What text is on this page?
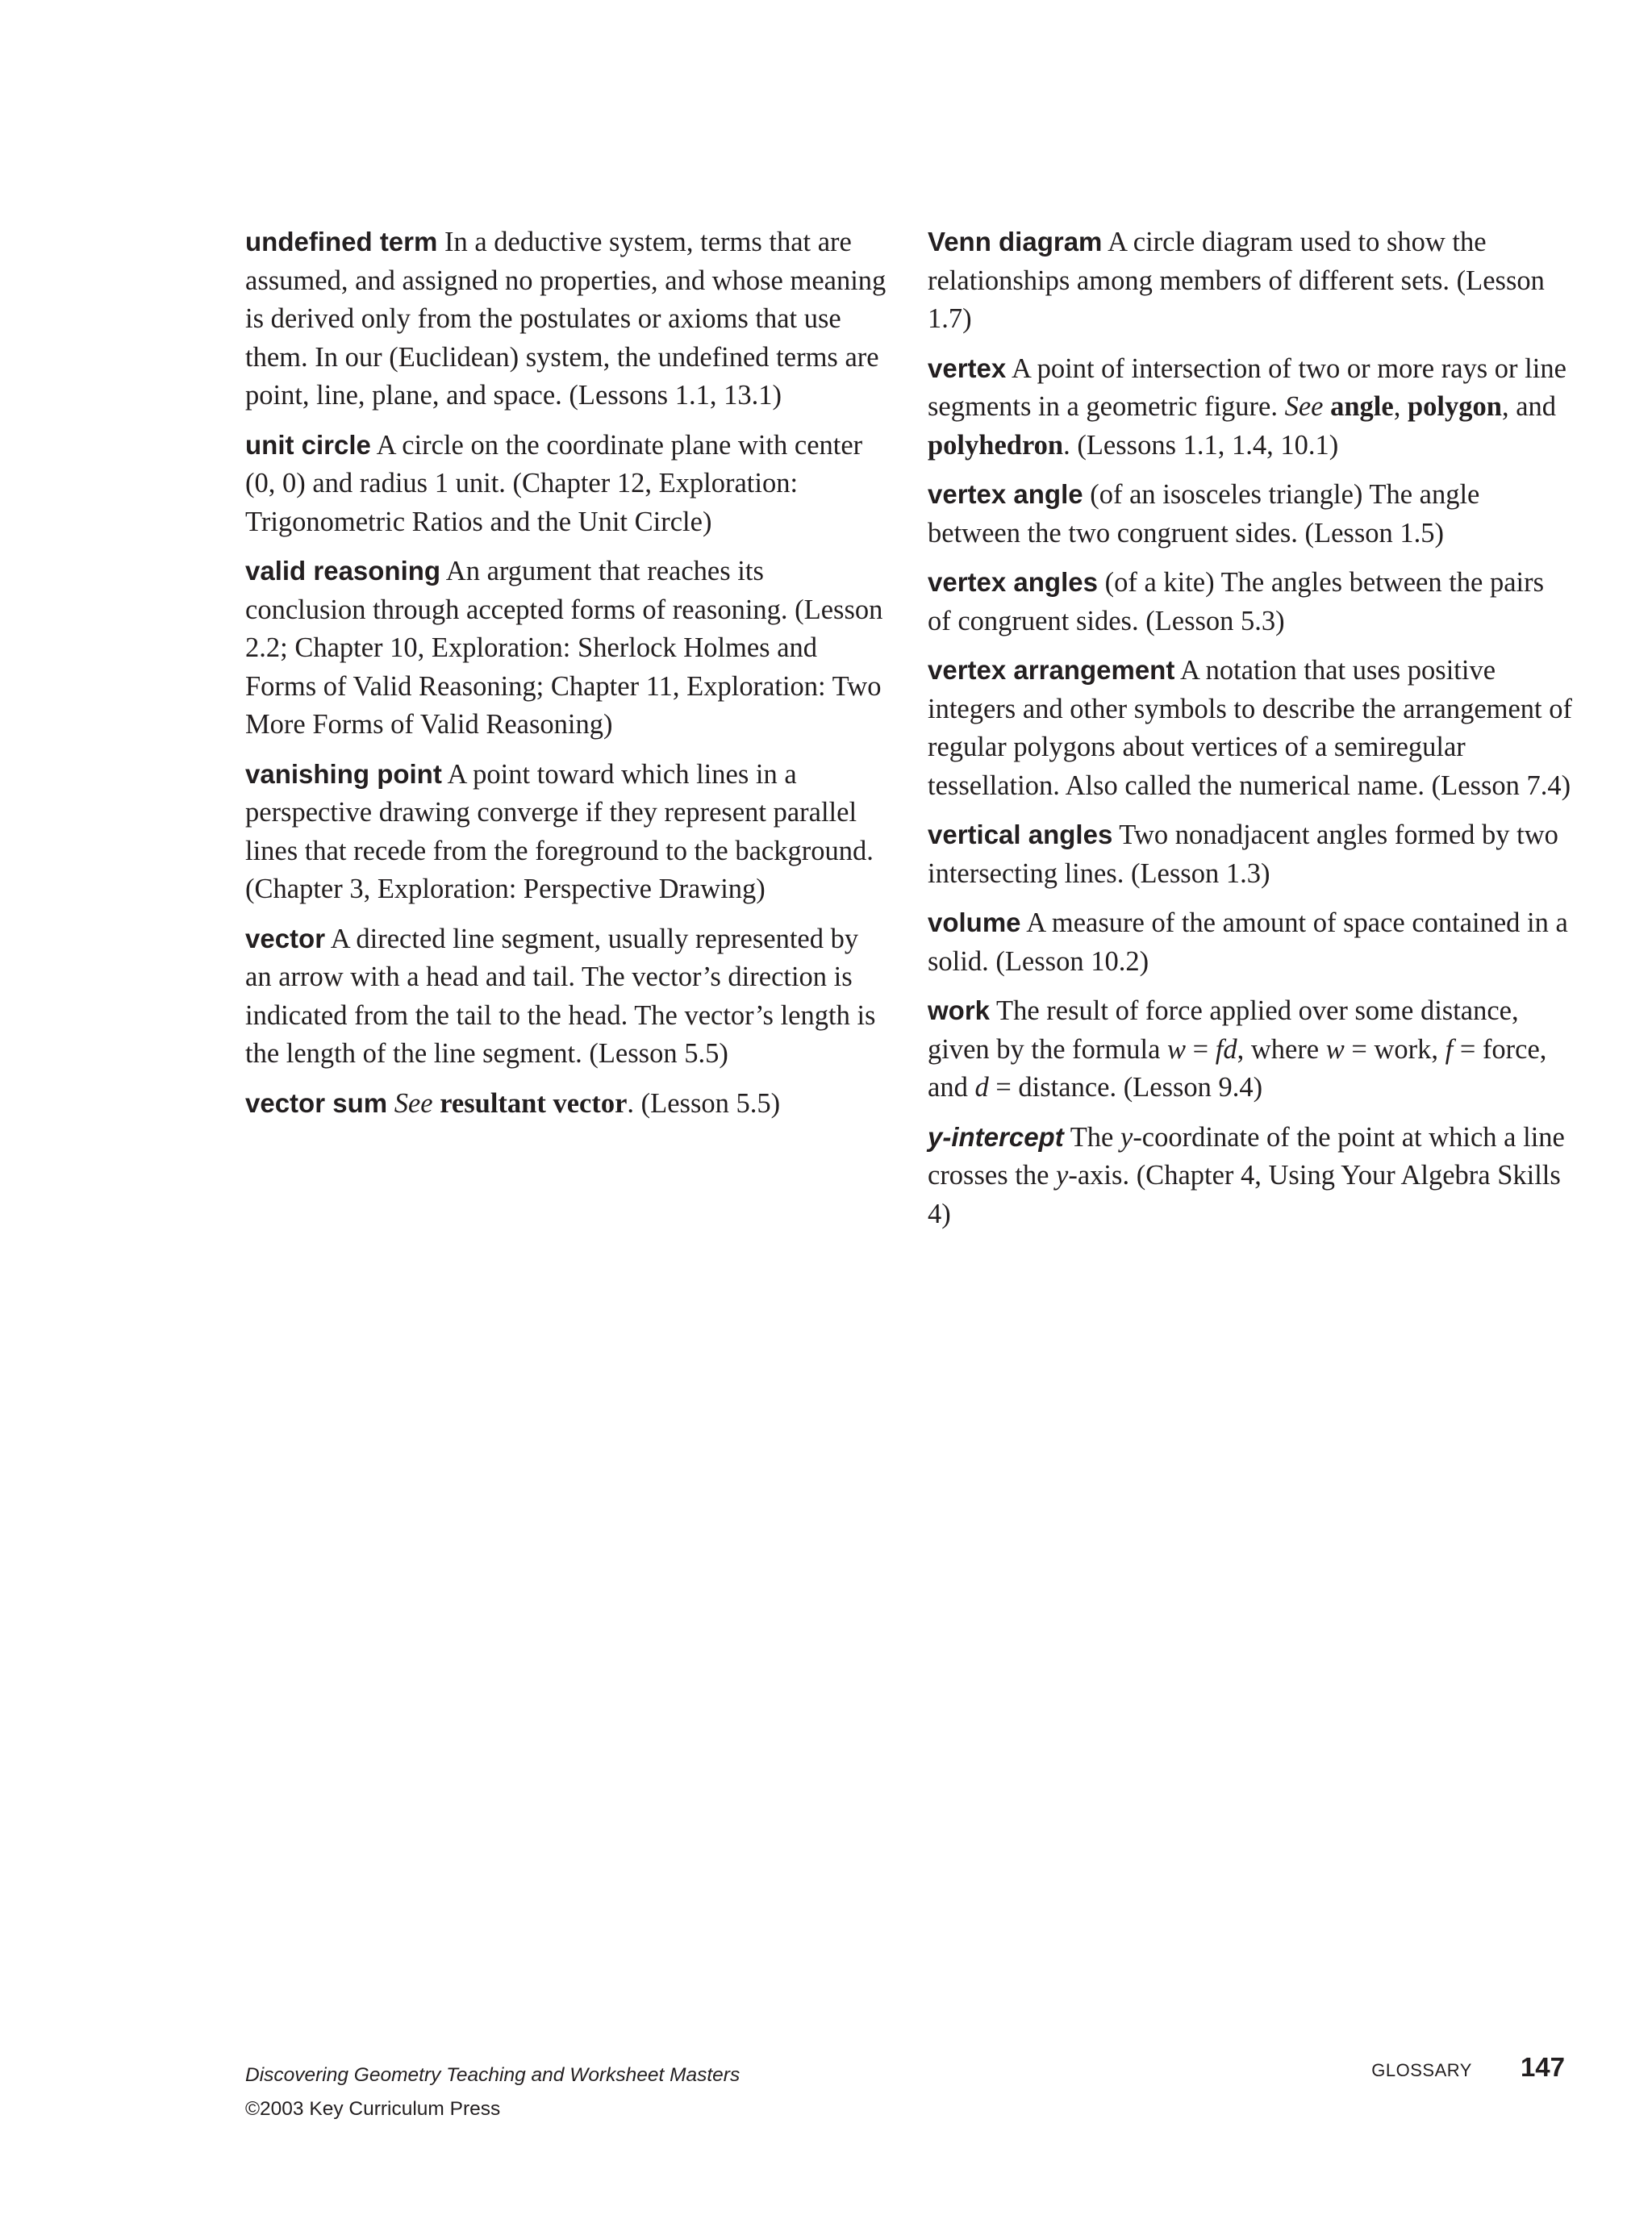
undefined term In a deductive system, terms that are assumed, and assigned no properties, and whose meaning is derived only from the postulates or axioms that use them. In our (Euclidean) system, the undefined terms are point, line, plane, and space. (Lessons 1.1, 13.1)

unit circle A circle on the coordinate plane with center (0, 0) and radius 1 unit. (Chapter 12, Exploration: Trigonometric Ratios and the Unit Circle)

valid reasoning An argument that reaches its conclusion through accepted forms of reasoning. (Lesson 2.2; Chapter 10, Exploration: Sherlock Holmes and Forms of Valid Reasoning; Chapter 11, Exploration: Two More Forms of Valid Reasoning)

vanishing point A point toward which lines in a perspective drawing converge if they represent parallel lines that recede from the foreground to the background. (Chapter 3, Exploration: Perspective Drawing)

vector A directed line segment, usually represented by an arrow with a head and tail. The vector’s direction is indicated from the tail to the head. The vector’s length is the length of the line segment. (Lesson 5.5)

vector sum See resultant vector. (Lesson 5.5)

Venn diagram A circle diagram used to show the relationships among members of different sets. (Lesson 1.7)

vertex A point of intersection of two or more rays or line segments in a geometric figure. See angle, polygon, and polyhedron. (Lessons 1.1, 1.4, 10.1)

vertex angle (of an isosceles triangle) The angle between the two congruent sides. (Lesson 1.5)

vertex angles (of a kite) The angles between the pairs of congruent sides. (Lesson 5.3)

vertex arrangement A notation that uses positive integers and other symbols to describe the arrangement of regular polygons about vertices of a semiregular tessellation. Also called the numerical name. (Lesson 7.4)

vertical angles Two nonadjacent angles formed by two intersecting lines. (Lesson 1.3)

volume A measure of the amount of space contained in a solid. (Lesson 10.2)

work The result of force applied over some distance, given by the formula w = fd, where w = work, f = force, and d = distance. (Lesson 9.4)

y-intercept The y-coordinate of the point at which a line crosses the y-axis. (Chapter 4, Using Your Algebra Skills 4)

Discovering Geometry Teaching and Worksheet Masters
©2003 Key Curriculum Press
GLOSSARY 147
